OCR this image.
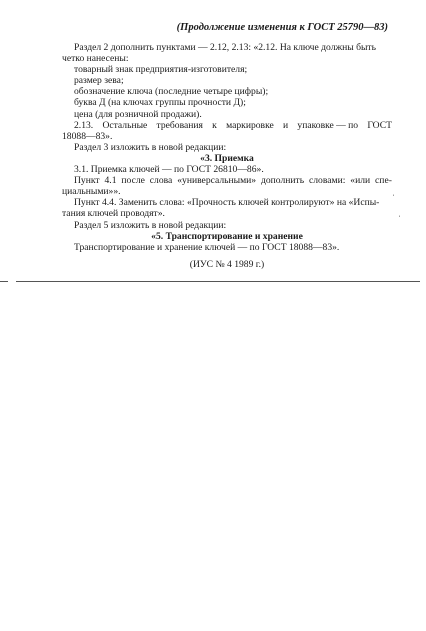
(Продолжение изменения к ГОСТ 25790—83)

Раздел 2 дополнить пунктами — 2.12, 2.13: «2.12. На ключе должны быть

четко нанесены:

товарный знак предприятия-изготовителя;

размер зева;

обозначение ключа (последние четыре цифры);

буква Д (на ключах группы прочности Д);

цена (для розничной продажи).

2.13. Остальные требования к маркировке и упаковке — по ГОСТ

18088—83».

Раздел 3 изложить в новой редакции:

«3. Приемка

3.1. Приемка ключей — по ГОСТ 26810—86».

Пункт 4.1 после слова «универсальными» дополнить словами: «или спе-

циальными»».

Пункт 4.4. Заменить слова: «Прочность ключей контролируют» на «Испы-

тания ключей проводят».

Раздел 5 изложить в новой редакции:

«5. Транспортирование и хранение

Транспортирование и хранение ключей — по ГОСТ 18088—83».

(ИУС № 4 1989 г.)

ˌ
ˈ
